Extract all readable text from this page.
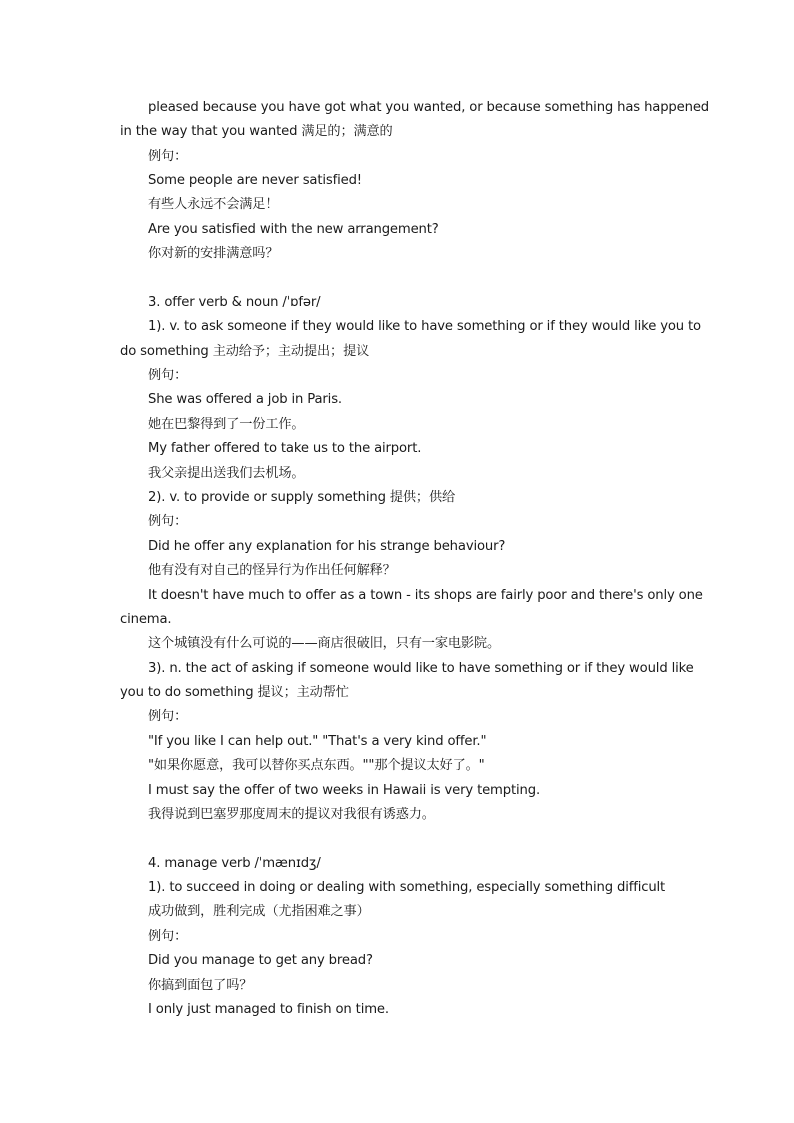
pleased because you have got what you wanted, or because something has happened
in the way that you wanted 满足的；满意的
例句：
Some people are never satisfied!
有些人永远不会满足！
Are you satisfied with the new arrangement?
你对新的安排满意吗？
3. offer verb & noun /ˈɒfər/
1). v. to ask someone if they would like to have something or if they would like you to
do something 主动给予；主动提出；提议
例句：
She was offered a job in Paris.
她在巴黎得到了一份工作。
My father offered to take us to the airport.
我父亲提出送我们去机场。
2). v. to provide or supply something 提供；供给
例句：
Did he offer any explanation for his strange behaviour?
他有没有对自己的怪异行为作出任何解释？
It doesn't have much to offer as a town - its shops are fairly poor and there's only one
cinema.
这个城镇没有什么可说的——商店很破旧，只有一家电影院。
3). n. the act of asking if someone would like to have something or if they would like
you to do something 提议；主动帮忙
例句：
"If you like I can help out." "That's a very kind offer."
"如果你愿意，我可以替你买点东西。""那个提议太好了。"
I must say the offer of two weeks in Hawaii is very tempting.
我得说到巴塞罗那度周末的提议对我很有诱惑力。
4. manage verb /ˈmænɪdʒ/
1). to succeed in doing or dealing with something, especially something difficult
成功做到，胜利完成（尤指困难之事）
例句：
Did you manage to get any bread?
你搞到面包了吗？
I only just managed to finish on time.
